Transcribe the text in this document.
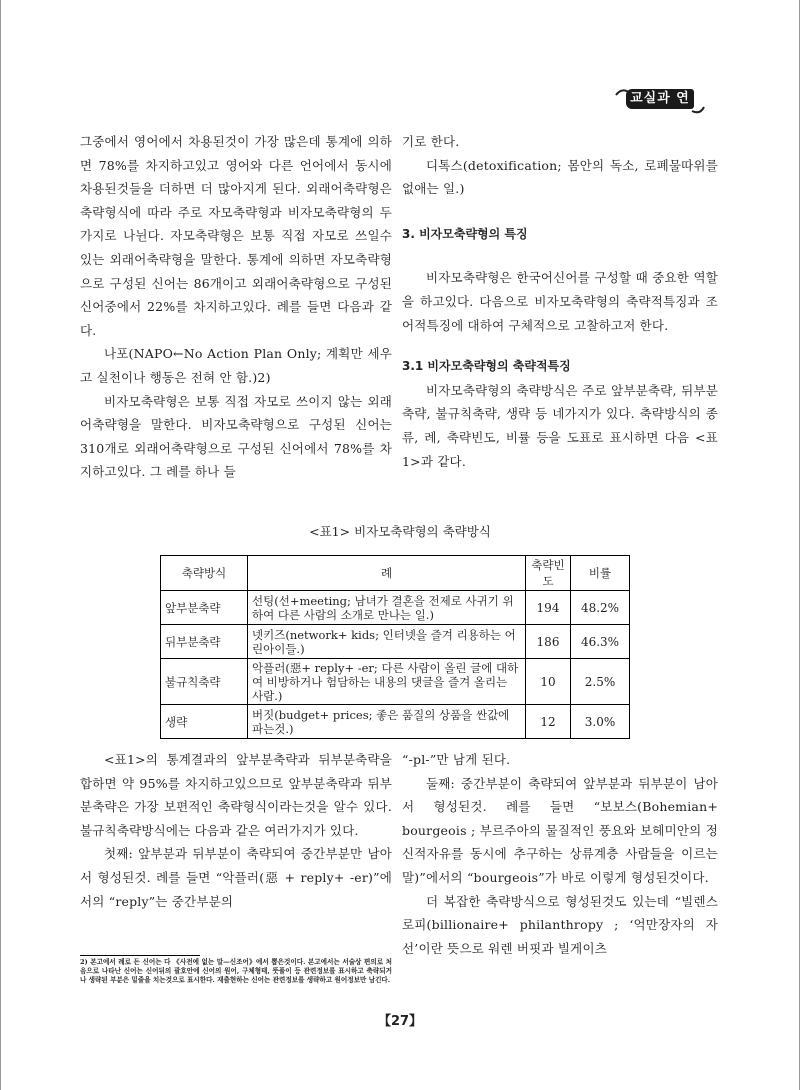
교실과 연구

그중에서 영어에서 차용된것이 가장 많은데 통계에 의하면 78%를 차지하고있고 영어와 다른 언어에서 동시에 차용된것들을 더하면 더 많아지게 된다. 외래어축략형은 축략형식에 따라 주로 자모축략형과 비자모축략형의 두가지로 나뉜다. 자모축략형은 보통 직접 자모로 쓰일수 있는 외래어축략형을 말한다. 통계에 의하면 자모축략형으로 구성된 신어는 86개이고 외래어축략형으로 구성된 신어중에서 22%를 차지하고있다. 례를 들면 다음과 같다.

나포(NAPO←No Action Plan Only; 계획만 세우고 실천이나 행동은 전혀 안 함.)2)

비자모축략형은 보통 직접 자모로 쓰이지 않는 외래어축략형을 말한다. 비자모축략형으로 구성된 신어는 310개로 외래어축략형으로 구성된 신어에서 78%를 차지하고있다. 그 례를 하나 들

기로 한다.

디톡스(detoxification; 몸안의 독소, 로폐물따위를 없애는 일.)

3. 비자모축략형의 특징

비자모축략형은 한국어신어를 구성할 때 중요한 역할을 하고있다. 다음으로 비자모축략형의 축략적특징과 조어적특징에 대하여 구체적으로 고찰하고저 한다.

3.1 비자모축략형의 축략적특징

비자모축략형의 축략방식은 주로 앞부분축략, 뒤부분축략, 불규칙축략, 생략 등 네가지가 있다. 축략방식의 종류, 례, 축략빈도, 비률 등을 도표로 표시하면 다음 <표1>과 같다.

<표1> 비자모축략형의 축략방식
축략방식	례	축략빈도	비률
앞부분축략	선팅(선+meeting; 남녀가 결혼을 전제로 사귀기 위하여 다른 사람의 소개로 만나는 일.)	194	48.2%
뒤부분축략	넷키즈(network+ kids; 인터넷을 즐겨 리용하는 어린아이들.)	186	46.3%
불규칙축략	악플러(惡+ reply+ -er; 다른 사람이 올린 글에 대하여 비방하거나 험담하는 내용의 댓글을 즐겨 올리는 사람.)	10	2.5%
생략	버짓(budget+ prices; 좋은 품질의 상품을 싼값에 파는것.)	12	3.0%

<표1>의 통계결과의 앞부분축략과 뒤부분축략을 합하면 약 95%를 차지하고있으므로 앞부분축략과 뒤부분축략은 가장 보편적인 축략형식이라는것을 알수 있다. 불규칙축략방식에는 다음과 같은 여러가지가 있다.

첫째: 앞부분과 뒤부분이 축략되여 중간부분만 남아서 형성된것. 례를 들면 “악플러(惡 + reply+ -er)”에서의 “reply”는 중간부분의

“-pl-”만 남게 된다.

둘째: 중간부분이 축략되여 앞부분과 뒤부분이 남아서 형성된것. 례를 들면 “보보스(Bohemian+ bourgeois ; 부르주아의 물질적인 풍요와 보헤미안의 정신적자유를 동시에 추구하는 상류계층 사람들을 이르는 말)”에서의 “bourgeois”가 바로 이렇게 형성된것이다.

더 복잡한 축략방식으로 형성된것도 있는데 “빌렌스로피(billionaire+ philanthropy ; ‘억만장자의 자선’이란 뜻으로 워렌 버핏과 빌게이츠

2) 본고에서 례로 든 신어는 다 《사전에 없는 말—신조어》에서 뽑은것이다. 본고에서는 서술상 편의로 처음으로 나타난 신어는 신어뒤의 괄호안에 신어의 원어, 구체형태, 뜻풀이 등 관련정보를 표시하고 축략되거나 생략된 부분은 밑줄을 치는것으로 표시한다. 재출현하는 신어는 관련정보를 생략하고 원어정보만 남긴다.
【27】
